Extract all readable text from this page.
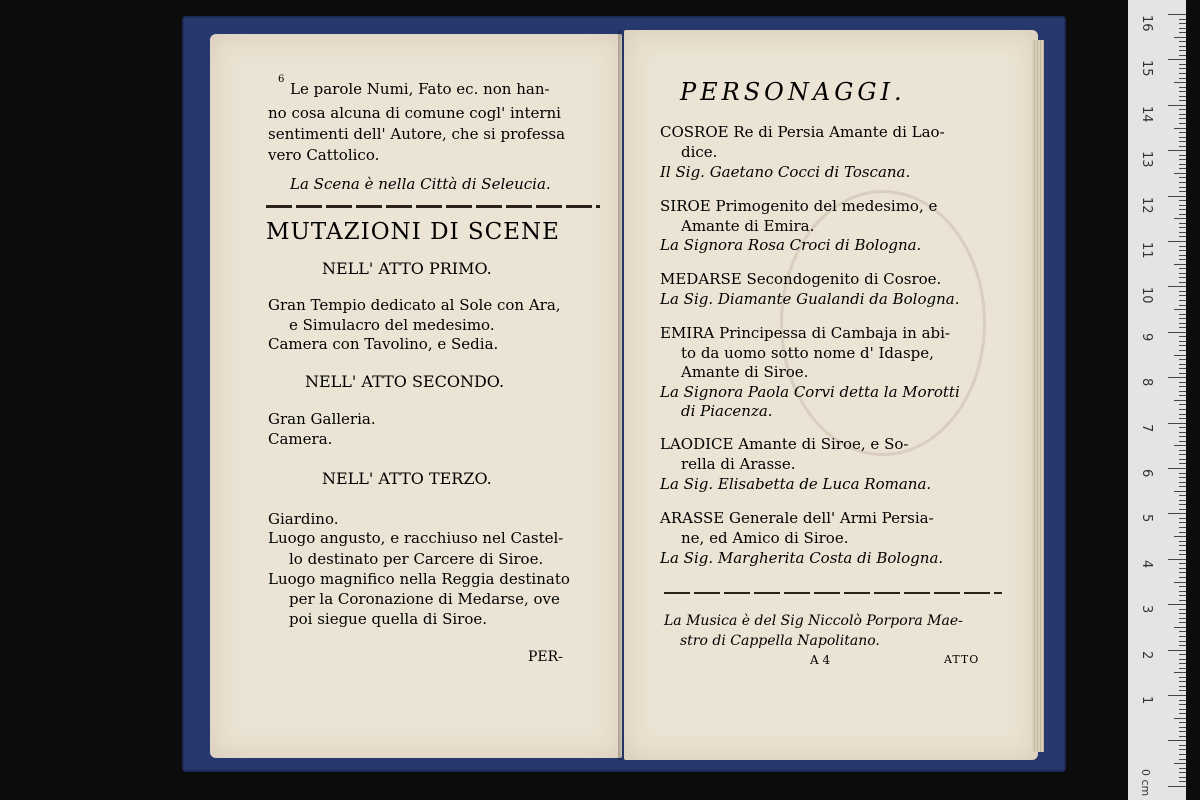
6
Le parole Numi, Fato ec. non han-
no cosa alcuna di comune cogl' interni
sentimenti dell' Autore, che si professa
vero Cattolico.
La Scena è nella Città di Seleucia.
MUTAZIONI DI SCENE
NELL' ATTO PRIMO.
Gran Tempio dedicato al Sole con Ara,
e Simulacro del medesimo.
Camera con Tavolino, e Sedia.
NELL' ATTO SECONDO.
Gran Galleria.
Camera.
NELL' ATTO TERZO.
Giardino.
Luogo angusto, e racchiuso nel Castel-
lo destinato per Carcere di Siroe.
Luogo magnifico nella Reggia destinato
per la Coronazione di Medarse, ove
poi siegue quella di Siroe.
PER-
PERSONAGGI.
COSROE Re di Persia Amante di Lao-
dice.
Il Sig. Gaetano Cocci di Toscana.
SIROE Primogenito del medesimo, e
Amante di Emira.
La Signora Rosa Croci di Bologna.
MEDARSE Secondogenito di Cosroe.
La Sig. Diamante Gualandi da Bologna.
EMIRA Principessa di Cambaja in abi-
to da uomo sotto nome d' Idaspe,
Amante di Siroe.
La Signora Paola Corvi detta la Morotti
di Piacenza.
LAODICE Amante di Siroe, e So-
rella di Arasse.
La Sig. Elisabetta de Luca Romana.
ARASSE Generale dell' Armi Persia-
ne, ed Amico di Siroe.
La Sig. Margherita Costa di Bologna.
La Musica è del Sig Niccolò Porpora Mae-
stro di Cappella Napolitano.
A 4	ATTO
16
15
14
13
12
11
10
9
8
7
6
5
4
3
2
1
0 cm
